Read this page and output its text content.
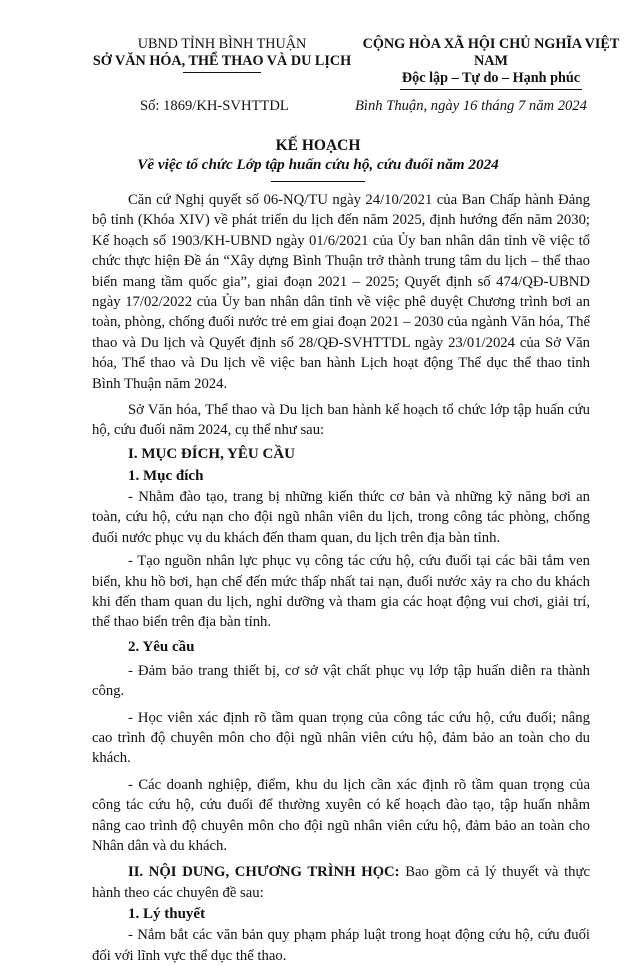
UBND TỈNH BÌNH THUẬN
SỞ VĂN HÓA, THỂ THAO VÀ DU LỊCH
CỘNG HÒA XÃ HỘI CHỦ NGHĨA VIỆT NAM
Độc lập – Tự do – Hạnh phúc
Số: 1869/KH-SVHTTDL	Bình Thuận, ngày 16 tháng 7 năm 2024
KẾ HOẠCH
Về việc tổ chức Lớp tập huấn cứu hộ, cứu đuối năm 2024

Căn cứ Nghị quyết số 06-NQ/TU ngày 24/10/2021 của Ban Chấp hành Đảng bộ tỉnh (Khóa XIV) về phát triển du lịch đến năm 2025, định hướng đến năm 2030; Kế hoạch số 1903/KH-UBND ngày 01/6/2021 của Ủy ban nhân dân tỉnh về việc tổ chức thực hiện Đề án “Xây dựng Bình Thuận trở thành trung tâm du lịch – thể thao biển mang tầm quốc gia”, giai đoạn 2021 – 2025; Quyết định số 474/QĐ-UBND ngày 17/02/2022 của Ủy ban nhân dân tỉnh về việc phê duyệt Chương trình bơi an toàn, phòng, chống đuối nước trẻ em giai đoạn 2021 – 2030 của ngành Văn hóa, Thể thao và Du lịch và Quyết định số 28/QĐ-SVHTTDL ngày 23/01/2024 của Sở Văn hóa, Thể thao và Du lịch về việc ban hành Lịch hoạt động Thể dục thể thao tỉnh Bình Thuận năm 2024.

Sở Văn hóa, Thể thao và Du lịch ban hành kế hoạch tổ chức lớp tập huấn cứu hộ, cứu đuối năm 2024, cụ thể như sau:

I. MỤC ĐÍCH, YÊU CẦU
1. Mục đích

- Nhằm đào tạo, trang bị những kiến thức cơ bản và những kỹ năng bơi an toàn, cứu hộ, cứu nạn cho đội ngũ nhân viên du lịch, trong công tác phòng, chống đuối nước phục vụ du khách đến tham quan, du lịch trên địa bàn tỉnh.

- Tạo nguồn nhân lực phục vụ công tác cứu hộ, cứu đuối tại các bãi tắm ven biển, khu hồ bơi, hạn chế đến mức thấp nhất tai nạn, đuối nước xảy ra cho du khách khi đến tham quan du lịch, nghỉ dưỡng và tham gia các hoạt động vui chơi, giải trí, thể thao biển trên địa bàn tỉnh.

2. Yêu cầu

- Đảm bảo trang thiết bị, cơ sở vật chất phục vụ lớp tập huấn diễn ra thành công.

- Học viên xác định rõ tầm quan trọng của công tác cứu hộ, cứu đuối; nâng cao trình độ chuyên môn cho đội ngũ nhân viên cứu hộ, đảm bảo an toàn cho du khách.

- Các doanh nghiệp, điểm, khu du lịch cần xác định rõ tầm quan trọng của công tác cứu hộ, cứu đuối để thường xuyên có kế hoạch đào tạo, tập huấn nhằm nâng cao trình độ chuyên môn cho đội ngũ nhân viên cứu hộ, đảm bảo an toàn cho Nhân dân và du khách.

II. NỘI DUNG, CHƯƠNG TRÌNH HỌC: Bao gồm cả lý thuyết và thực hành theo các chuyên đề sau:

1. Lý thuyết

- Nắm bắt các văn bản quy phạm pháp luật trong hoạt động cứu hộ, cứu đuối đối với lĩnh vực thể dục thể thao.
